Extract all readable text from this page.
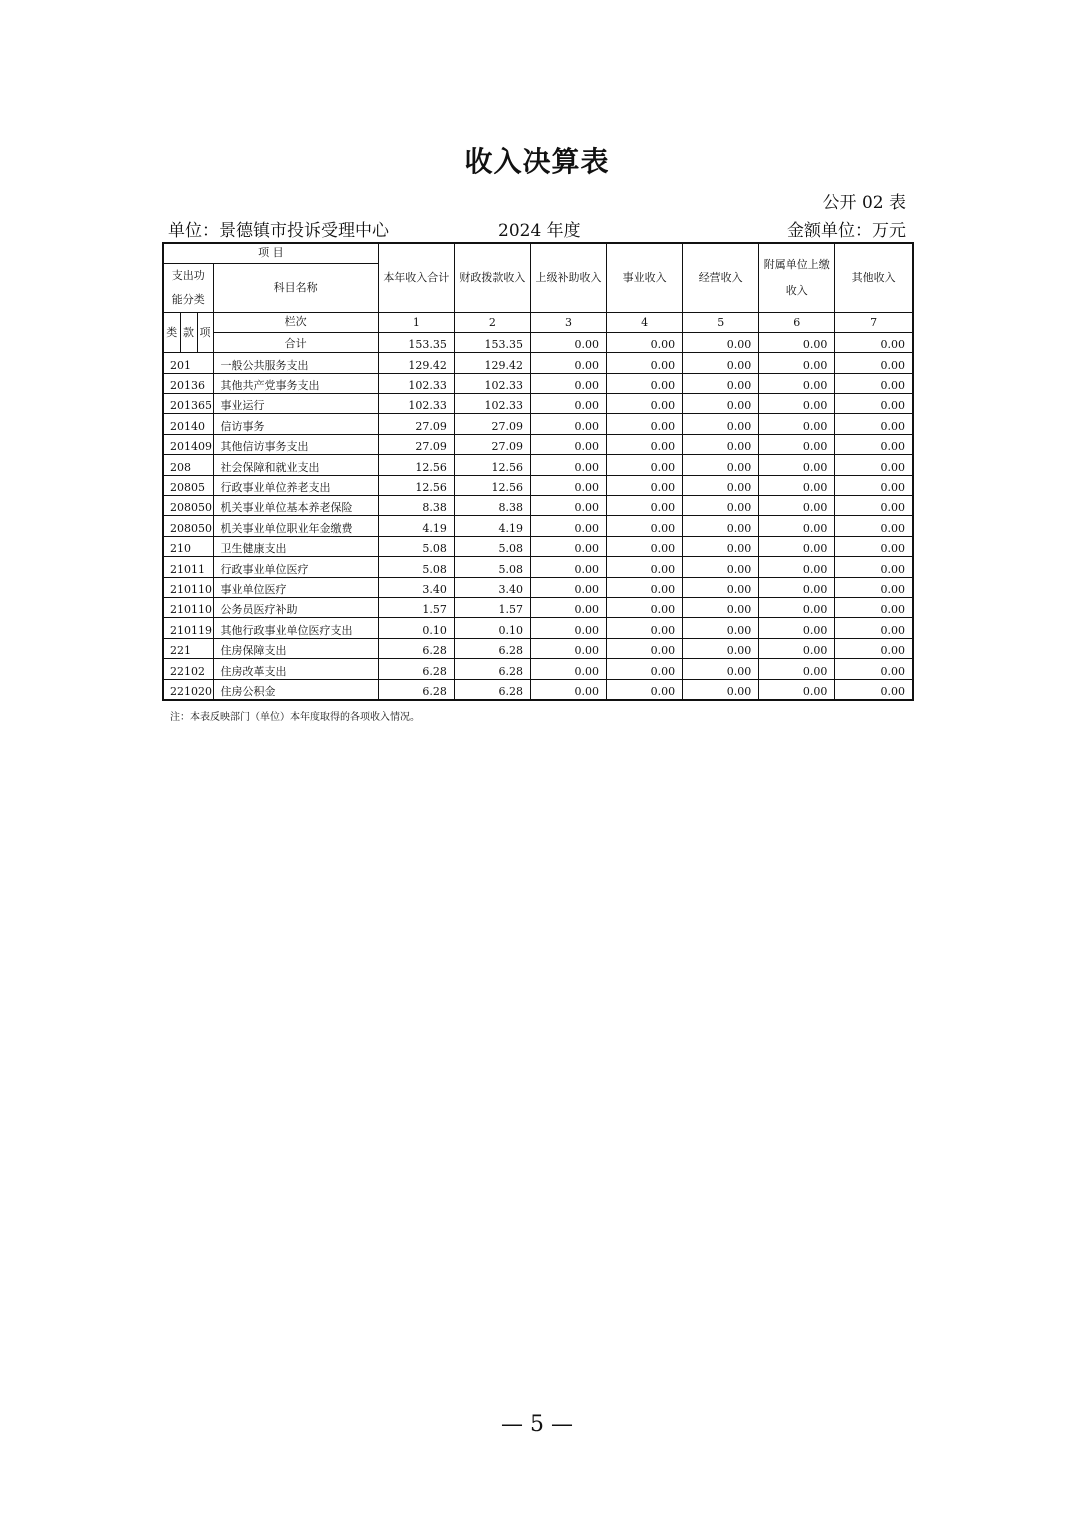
收入决算表
公开 02 表
单位：景德镇市投诉受理中心	2024 年度	金额单位：万元
项 目				本年收入合计	财政拨款收入	上级补助收入	事业收入	经营收入	附属单位上缴收入	其他收入
支出功能分类			科目名称							
类	款	项	栏次	1	2	3	4	5	6	7
			合计	153.35	153.35	0.00	0.00	0.00	0.00	0.00
201			一般公共服务支出	129.42	129.42	0.00	0.00	0.00	0.00	0.00
20136			其他共产党事务支出	102.33	102.33	0.00	0.00	0.00	0.00	0.00
201365			事业运行	102.33	102.33	0.00	0.00	0.00	0.00	0.00
20140			信访事务	27.09	27.09	0.00	0.00	0.00	0.00	0.00
201409			其他信访事务支出	27.09	27.09	0.00	0.00	0.00	0.00	0.00
208			社会保障和就业支出	12.56	12.56	0.00	0.00	0.00	0.00	0.00
20805			行政事业单位养老支出	12.56	12.56	0.00	0.00	0.00	0.00	0.00
208050			机关事业单位基本养老保险	8.38	8.38	0.00	0.00	0.00	0.00	0.00
208050			机关事业单位职业年金缴费	4.19	4.19	0.00	0.00	0.00	0.00	0.00
210			卫生健康支出	5.08	5.08	0.00	0.00	0.00	0.00	0.00
21011			行政事业单位医疗	5.08	5.08	0.00	0.00	0.00	0.00	0.00
210110			事业单位医疗	3.40	3.40	0.00	0.00	0.00	0.00	0.00
210110			公务员医疗补助	1.57	1.57	0.00	0.00	0.00	0.00	0.00
210119			其他行政事业单位医疗支出	0.10	0.10	0.00	0.00	0.00	0.00	0.00
221			住房保障支出	6.28	6.28	0.00	0.00	0.00	0.00	0.00
22102			住房改革支出	6.28	6.28	0.00	0.00	0.00	0.00	0.00
221020			住房公积金	6.28	6.28	0.00	0.00	0.00	0.00	0.00
注：本表反映部门（单位）本年度取得的各项收入情况。
— 5 —
